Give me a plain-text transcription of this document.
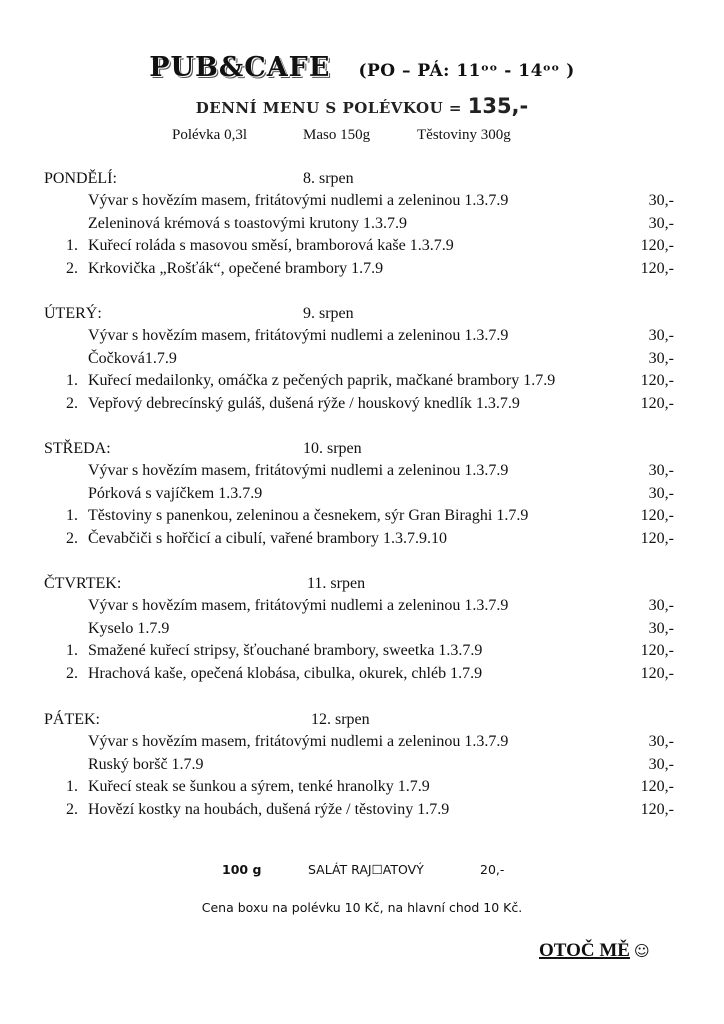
PUB&CAFE (PO – PÁ: 11ᵒᵒ - 14ᵒᵒ )
DENNÍ MENU S POLÉVKOU = 135,-
Polévka 0,3l	Maso 150g	Těstoviny 300g
PONDĚLÍ:	8. srpen
Vývar s hovězím masem, fritátovými nudlemi a zeleninou 1.3.7.9	30,-
Zeleninová krémová s toastovými krutony 1.3.7.9	30,-
1. Kuřecí roláda s masovou směsí, bramborová kaše 1.3.7.9	120,-
2. Krkovička „Rošťák“, opečené brambory 1.7.9	120,-
ÚTERÝ:	9. srpen
Vývar s hovězím masem, fritátovými nudlemi a zeleninou 1.3.7.9	30,-
Čočková1.7.9	30,-
1. Kuřecí medailonky, omáčka z pečených paprik, mačkané brambory 1.7.9	120,-
2. Vepřový debrecínský guláš, dušená rýže / houskový knedlík 1.3.7.9	120,-
STŘEDA:	10. srpen
Vývar s hovězím masem, fritátovými nudlemi a zeleninou 1.3.7.9	30,-
Pórková s vajíčkem 1.3.7.9	30,-
1. Těstoviny s panenkou, zeleninou a česnekem, sýr Gran Biraghi 1.7.9	120,-
2. Čevabčiči s hořčicí a cibulí, vařené brambory 1.3.7.9.10	120,-
ČTVRTEK:	11. srpen
Vývar s hovězím masem, fritátovými nudlemi a zeleninou 1.3.7.9	30,-
Kyselo 1.7.9	30,-
1. Smažené kuřecí stripsy, šťouchané brambory, sweetka 1.3.7.9	120,-
2. Hrachová kaše, opečená klobása, cibulka, okurek, chléb 1.7.9	120,-
PÁTEK:	12. srpen
Vývar s hovězím masem, fritátovými nudlemi a zeleninou 1.3.7.9	30,-
Ruský boršč 1.7.9	30,-
1. Kuřecí steak se šunkou a sýrem, tenké hranolky 1.7.9	120,-
2. Hovězí kostky na houbách, dušená rýže / těstoviny 1.7.9	120,-
100 g	SALÁT RAJ☐ATOVÝ	20,-
Cena boxu na polévku 10 Kč, na hlavní chod 10 Kč.
OTOČ MĚ ☺
